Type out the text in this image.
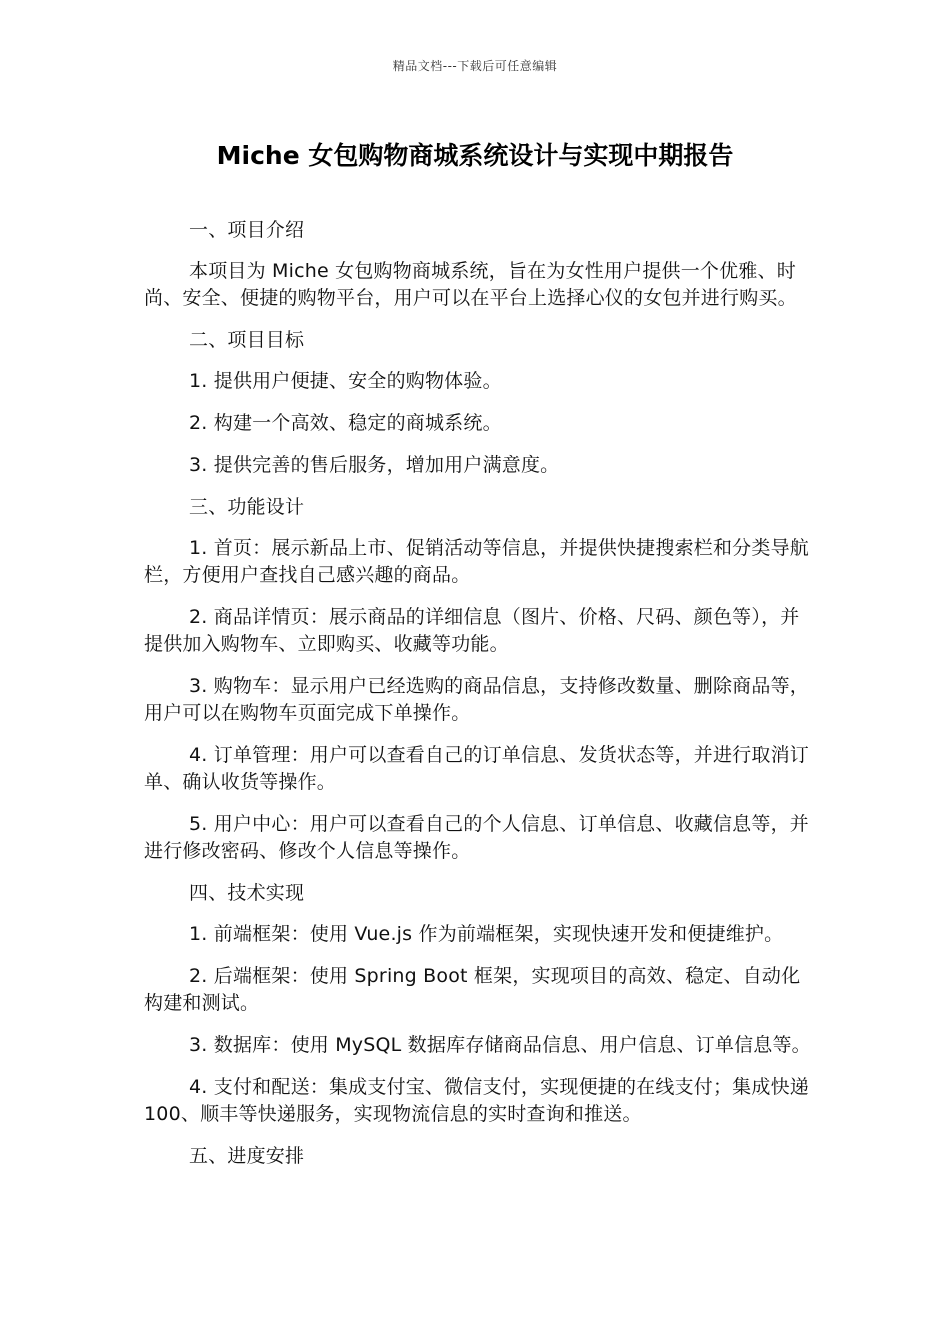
精品文档---下载后可任意编辑
Miche 女包购物商城系统设计与实现中期报告

一、项目介绍

本项目为 Miche 女包购物商城系统，旨在为女性用户提供一个优雅、时尚、安全、便捷的购物平台，用户可以在平台上选择心仪的女包并进行购买。

二、项目目标

1. 提供用户便捷、安全的购物体验。

2. 构建一个高效、稳定的商城系统。

3. 提供完善的售后服务，增加用户满意度。

三、功能设计

1. 首页：展示新品上市、促销活动等信息，并提供快捷搜索栏和分类导航栏，方便用户查找自己感兴趣的商品。

2. 商品详情页：展示商品的详细信息（图片、价格、尺码、颜色等），并提供加入购物车、立即购买、收藏等功能。

3. 购物车：显示用户已经选购的商品信息，支持修改数量、删除商品等，用户可以在购物车页面完成下单操作。

4. 订单管理：用户可以查看自己的订单信息、发货状态等，并进行取消订单、确认收货等操作。

5. 用户中心：用户可以查看自己的个人信息、订单信息、收藏信息等，并进行修改密码、修改个人信息等操作。

四、技术实现

1. 前端框架：使用 Vue.js 作为前端框架，实现快速开发和便捷维护。

2. 后端框架：使用 Spring Boot 框架，实现项目的高效、稳定、自动化构建和测试。

3. 数据库：使用 MySQL 数据库存储商品信息、用户信息、订单信息等。

4. 支付和配送：集成支付宝、微信支付，实现便捷的在线支付；集成快递 100、顺丰等快递服务，实现物流信息的实时查询和推送。

五、进度安排
